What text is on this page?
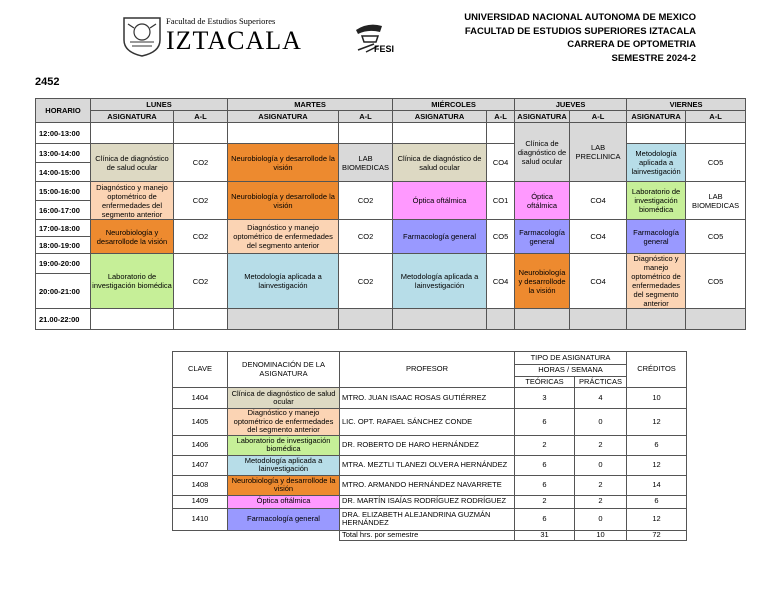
Facultad de Estudios Superiores
IZTACALA	FESI
UNIVERSIDAD NACIONAL AUTONOMA DE MEXICO
FACULTAD DE ESTUDIOS SUPERIORES IZTACALA
CARRERA DE OPTOMETRIA
SEMESTRE 2024-2
2452
HORARIO	LUNES		MARTES		MIÉRCOLES		JUEVES		VIERNES	
	ASIGNATURA	A-L	ASIGNATURA	A-L	ASIGNATURA	A-L	ASIGNATURA	A-L	ASIGNATURA	A-L
12:00-13:00							Clínica de diagnóstico de salud ocular	LAB PRECLINICA		
13:00-14:00	Clínica de diagnóstico de salud ocular	CO2	Neurobiología y desarrollode la visión	LAB BIOMEDICAS	Clínica de diagnóstico de salud ocular	CO4			Metodología aplicada a lainvestigación	CO5
14:00-15:00										
15:00-16:00	Diagnóstico y manejo optométrico de enfermedades del segmento anterior	CO2	Neurobiología y desarrollode la visión	CO2	Óptica oftálmica	CO1	Óptica oftálmica	CO4	Laboratorio de investigación biomédica	LAB BIOMEDICAS
16:00-17:00										
17:00-18:00	Neurobiología y desarrollode la visión	CO2	Diagnóstico y manejo optométrico de enfermedades del segmento anterior	CO2	Farmacología general	CO5	Farmacología general	CO4	Farmacología general	CO5
18:00-19:00										
19:00-20:00	Laboratorio de investigación biomédica	CO2	Metodología aplicada a lainvestigación	CO2	Metodología aplicada a lainvestigación	CO4	Neurobiología y desarrollode la visión	CO4	Diagnóstico y manejo optométrico de enfermedades del segmento anterior	CO5
20:00-21:00										
21.00-22:00										
CLAVE	DENOMINACIÓN DE LA ASIGNATURA	PROFESOR	TIPO DE ASIGNATURA		CRÉDITOS
			HORAS / SEMANA		
			TEÓRICAS	PRÁCTICAS	
1404	Clínica de diagnóstico de salud ocular	MTRO. JUAN ISAAC ROSAS GUTIÉRREZ	3	4	10
1405	Diagnóstico y manejo optométrico de enfermedades del segmento anterior	LIC. OPT. RAFAEL SÁNCHEZ CONDE	6	0	12
1406	Laboratorio de investigación biomédica	DR. ROBERTO DE HARO HERNÁNDEZ	2	2	6
1407	Metodología aplicada a lainvestigación	MTRA. MEZTLI TLANEZI OLVERA HERNÁNDEZ	6	0	12
1408	Neurobiología y desarrollode la visión	MTRO. ARMANDO HERNÁNDEZ NAVARRETE	6	2	14
1409	Óptica oftálmica	DR. MARTÍN ISAÍAS RODRÍGUEZ RODRÍGUEZ	2	2	6
1410	Farmacología general	DRA. ELIZABETH ALEJANDRINA GUZMÁN HERNÁNDEZ	6	0	12
		Total hrs. por semestre	31	10	72
